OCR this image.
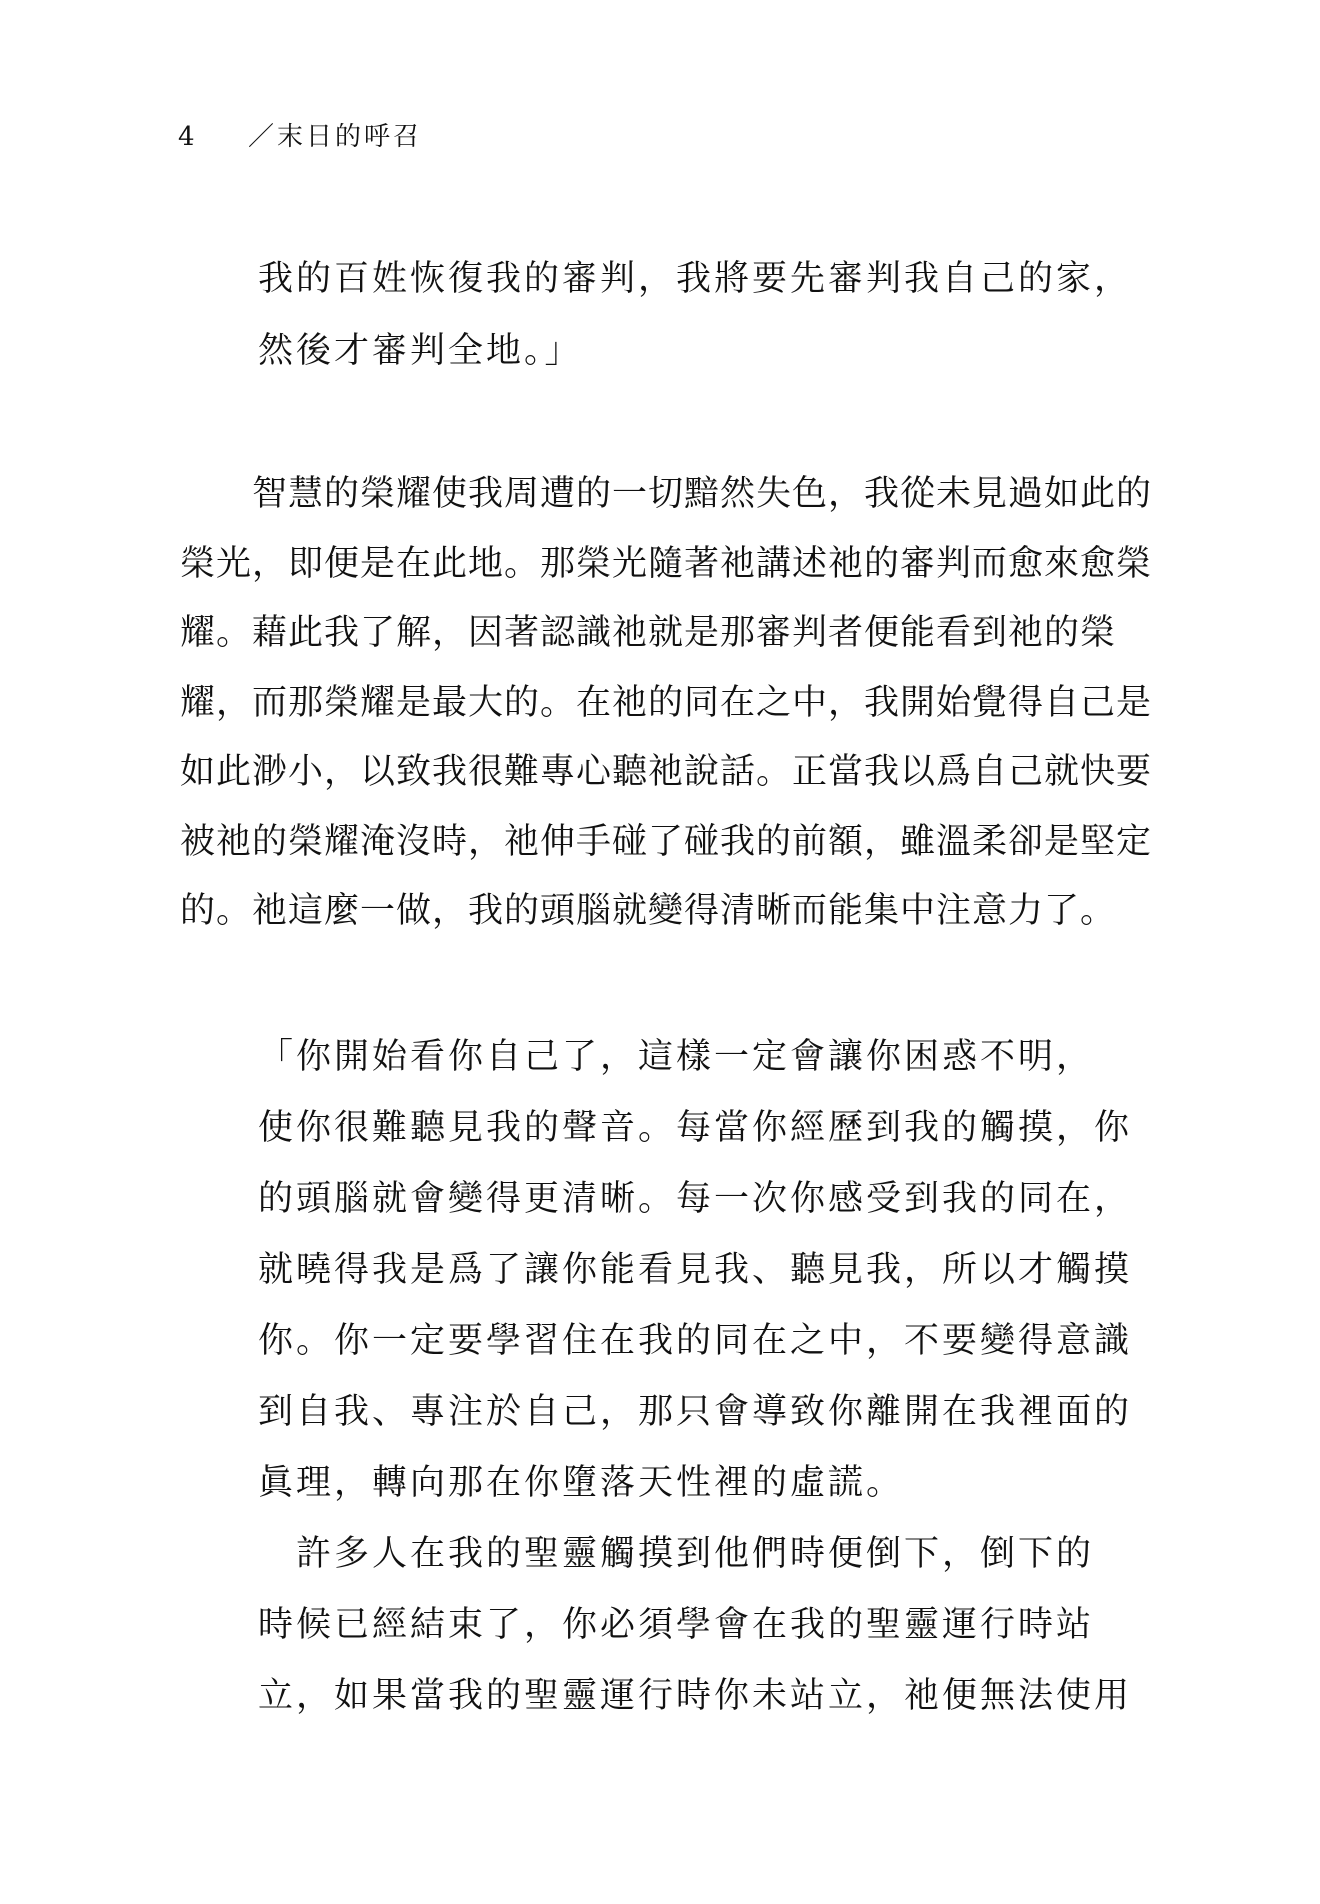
4 ／末日的呼召
我的百姓恢復我的審判，我將要先審判我自己的家，
然後才審判全地。」
　　智慧的榮耀使我周遭的一切黯然失色，我從未見過如此的
榮光，即便是在此地。那榮光隨著祂講述祂的審判而愈來愈榮
耀。藉此我了解，因著認識祂就是那審判者便能看到祂的榮
耀，而那榮耀是最大的。在祂的同在之中，我開始覺得自己是
如此渺小，以致我很難專心聽祂說話。正當我以爲自己就快要
被祂的榮耀淹沒時，祂伸手碰了碰我的前額，雖溫柔卻是堅定
的。祂這麼一做，我的頭腦就變得清晰而能集中注意力了。
「你開始看你自己了，這樣一定會讓你困惑不明，
使你很難聽見我的聲音。每當你經歷到我的觸摸，你
的頭腦就會變得更清晰。每一次你感受到我的同在，
就曉得我是爲了讓你能看見我、聽見我，所以才觸摸
你。你一定要學習住在我的同在之中，不要變得意識
到自我、專注於自己，那只會導致你離開在我裡面的
眞理，轉向那在你墮落天性裡的虛謊。
　許多人在我的聖靈觸摸到他們時便倒下，倒下的
時候已經結束了，你必須學會在我的聖靈運行時站
立，如果當我的聖靈運行時你未站立，祂便無法使用
